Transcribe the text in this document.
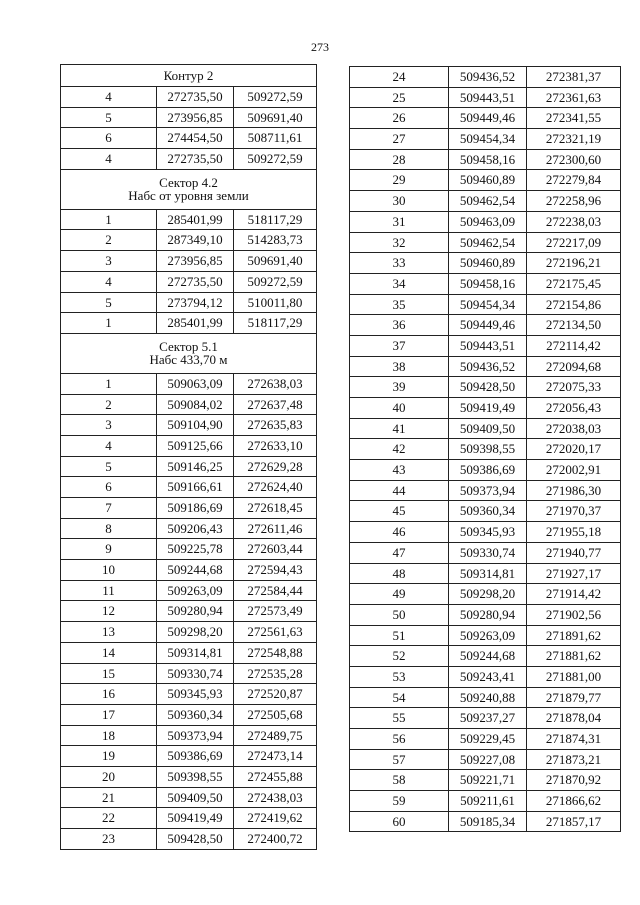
273
Контур 2		

4	272735,50	509272,59
5	273956,85	509691,40
6	274454,50	508711,61
4	272735,50	509272,59

Сектор 4.2
Набс от уровня земли		

1	285401,99	518117,29
2	287349,10	514283,73
3	273956,85	509691,40
4	272735,50	509272,59
5	273794,12	510011,80
1	285401,99	518117,29

Сектор 5.1
Набс 433,70 м		

1	509063,09	272638,03
2	509084,02	272637,48
3	509104,90	272635,83
4	509125,66	272633,10
5	509146,25	272629,28
6	509166,61	272624,40
7	509186,69	272618,45
8	509206,43	272611,46
9	509225,78	272603,44
10	509244,68	272594,43
11	509263,09	272584,44
12	509280,94	272573,49
13	509298,20	272561,63
14	509314,81	272548,88
15	509330,74	272535,28
16	509345,93	272520,87
17	509360,34	272505,68
18	509373,94	272489,75
19	509386,69	272473,14
20	509398,55	272455,88
21	509409,50	272438,03
22	509419,49	272419,62
23	509428,50	272400,72
24	509436,52	272381,37
25	509443,51	272361,63
26	509449,46	272341,55
27	509454,34	272321,19
28	509458,16	272300,60
29	509460,89	272279,84
30	509462,54	272258,96
31	509463,09	272238,03
32	509462,54	272217,09
33	509460,89	272196,21
34	509458,16	272175,45
35	509454,34	272154,86
36	509449,46	272134,50
37	509443,51	272114,42
38	509436,52	272094,68
39	509428,50	272075,33
40	509419,49	272056,43
41	509409,50	272038,03
42	509398,55	272020,17
43	509386,69	272002,91
44	509373,94	271986,30
45	509360,34	271970,37
46	509345,93	271955,18
47	509330,74	271940,77
48	509314,81	271927,17
49	509298,20	271914,42
50	509280,94	271902,56
51	509263,09	271891,62
52	509244,68	271881,62
53	509243,41	271881,00
54	509240,88	271879,77
55	509237,27	271878,04
56	509229,45	271874,31
57	509227,08	271873,21
58	509221,71	271870,92
59	509211,61	271866,62
60	509185,34	271857,17
